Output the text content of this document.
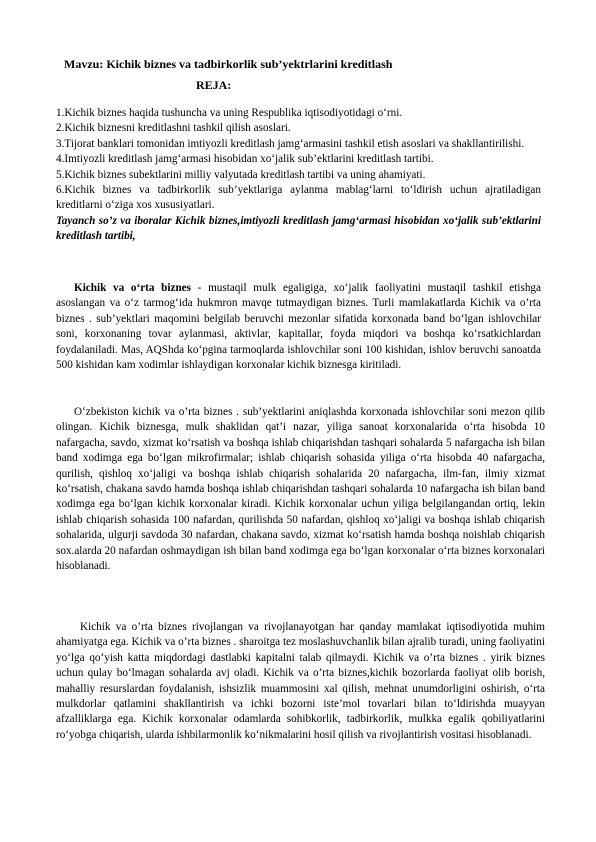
Mavzu: Kichik biznes va tadbirkorlik sub’yektrlarini kreditlash
REJA:
1.Kichik biznes haqida tushuncha va uning Respublika iqtisodiyotidagi o‘rni.
2.Kichik biznesni kreditlashni tashkil qilish asoslari.
3.Tijorat banklari tomonidan imtiyozli kreditlash jamg‘armasini tashkil etish asoslari va shakllantirilishi.
4.Imtiyozli kreditlash jamg‘armasi hisobidan xo‘jalik sub’ektlarini kreditlash tartibi.
5.Kichik biznes subektlarini milliy valyutada kreditlash tartibi va uning ahamiyati.
6.Kichik biznes va tadbirkorlik sub’yektlariga aylanma mablag‘larni to‘ldirish uchun ajratiladigan kreditlarni o‘ziga xos xususiyatlari.
Tayanch so’z va iboralar Kichik biznes,imtiyozli kreditlash jamg‘armasi hisobidan xo‘jalik sub’ektlarini kreditlash tartibi,
Kichik va o‘rta biznes - mustaqil mulk egaligiga, xo‘jalik faoliyatini mustaqil tashkil etishga asoslangan va o‘z tarmog‘ida hukmron mavqe tutmaydigan biznes. Turli mamlakatlarda Kichik va o’rta biznes . sub’yektlari maqomini belgilab beruvchi mezonlar sifatida korxonada band bo‘lgan ishlovchilar soni, korxonaning tovar aylanmasi, aktivlar, kapitallar, foyda miqdori va boshqa ko‘rsatkichlardan foydalaniladi. Mas, AQShda ko‘pgina tarmoqlarda ishlovchilar soni 100 kishidan, ishlov beruvchi sanoatda 500 kishidan kam xodimlar ishlaydigan korxonalar kichik biznesga kiritiladi.
O‘zbekiston kichik va o’rta biznes . sub’yektlarini aniqlashda korxonada ishlovchilar soni mezon qilib olingan. Kichik biznesga, mulk shaklidan qat’i nazar, yiliga sanoat korxonalarida o‘rta hisobda 10 nafargacha, savdo, xizmat ko‘rsatish va boshqa ishlab chiqarishdan tashqari sohalarda 5 nafargacha ish bilan band xodimga ega bo‘lgan mikrofirmalar; ishlab chiqarish sohasida yiliga o‘rta hisobda 40 nafargacha, qurilish, qishloq xo‘jaligi va boshqa ishlab chiqarish sohalarida 20 nafargacha, ilm-fan, ilmiy xizmat ko‘rsatish, chakana savdo hamda boshqa ishlab chiqarishdan tashqari sohalarda 10 nafargacha ish bilan band xodimga ega bo‘lgan kichik korxonalar kiradi. Kichik korxonalar uchun yiliga belgilangandan ortiq, lekin ishlab chiqarish sohasida 100 nafardan, qurilishda 50 nafardan, qishloq xo‘jaligi va boshqa ishlab chiqarish sohalarida, ulgurji savdoda 30 nafardan, chakana savdo, xizmat ko‘rsatish hamda boshqa noishlab chiqarish sox.alarda 20 nafardan oshmaydigan ish bilan band xodimga ega bo‘lgan korxonalar o‘rta biznes korxonalari hisoblanadi.
Kichik va o’rta biznes rivojlangan va rivojlanayotgan har qanday mamlakat iqtisodiyotida muhim ahamiyatga ega. Kichik va o’rta biznes . sharoitga tez moslashuvchanlik bilan ajralib turadi, uning faoliyatini yo‘lga qo‘yish katta miqdordagi dastlabki kapitalni talab qilmaydi. Kichik va o’rta biznes . yirik biznes uchun qulay bo‘lmagan sohalarda avj oladi. Kichik va o’rta biznes,kichik bozorlarda faoliyat olib borish, mahalliy resurslardan foydalanish, ishsizlik muammosini xal qilish, mehnat unumdorligini oshirish, o‘rta mulkdorlar qatlamini shakllantirish va ichki bozorni iste’mol tovarlari bilan to‘ldirishda muayyan afzalliklarga ega. Kichik korxonalar odamlarda sohibkorlik, tadbirkorlik, mulkka egalik qobiliyatlarini ro‘yobga chiqarish, ularda ishbilarmonlik ko‘nikmalarini hosil qilish va rivojlantirish vositasi hisoblanadi.
